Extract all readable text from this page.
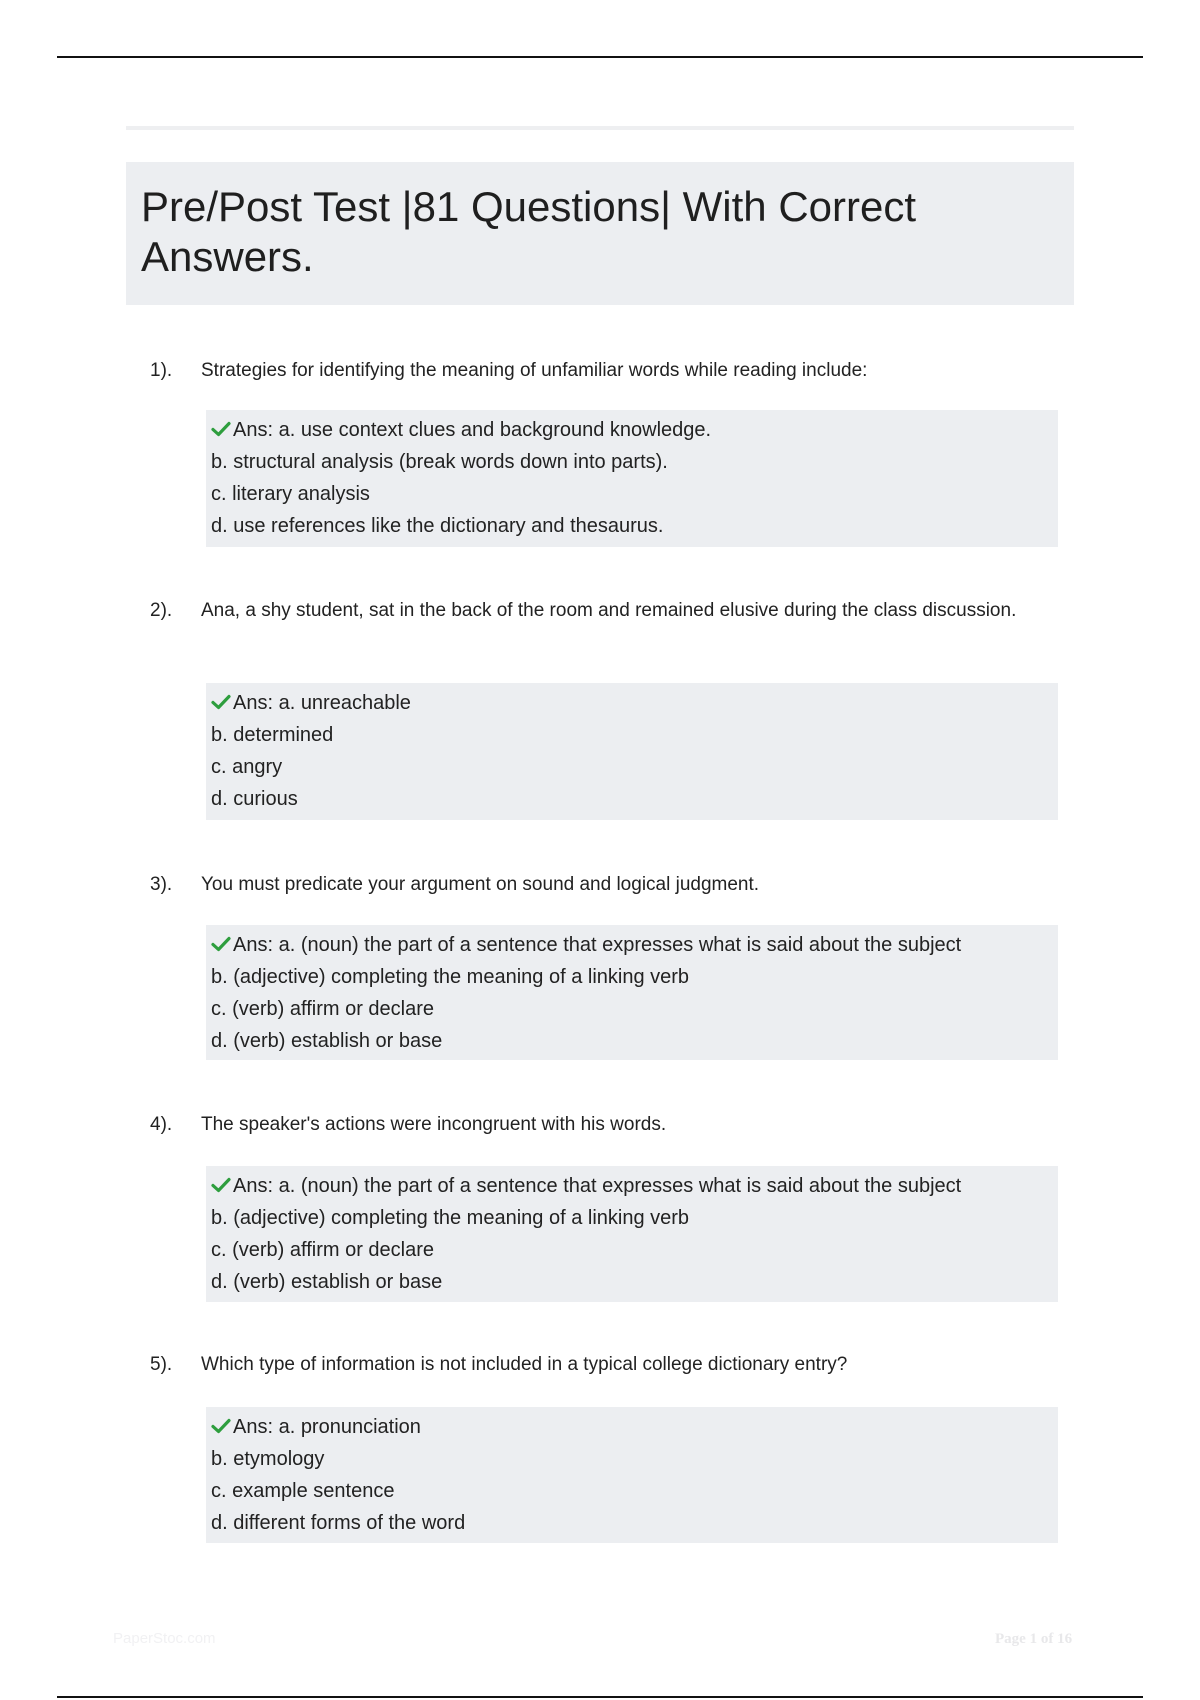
Pre/Post Test |81 Questions| With Correct Answers.
1). Strategies for identifying the meaning of unfamiliar words while reading include:
Ans: a. use context clues and background knowledge.
b. structural analysis (break words down into parts).
c. literary analysis
d. use references like the dictionary and thesaurus.
2). Ana, a shy student, sat in the back of the room and remained elusive during the class discussion.
Ans: a. unreachable
b. determined
c. angry
d. curious
3). You must predicate your argument on sound and logical judgment.
Ans: a. (noun) the part of a sentence that expresses what is said about the subject
b. (adjective) completing the meaning of a linking verb
c. (verb) affirm or declare
d. (verb) establish or base
4). The speaker's actions were incongruent with his words.
Ans: a. (noun) the part of a sentence that expresses what is said about the subject
b. (adjective) completing the meaning of a linking verb
c. (verb) affirm or declare
d. (verb) establish or base
5). Which type of information is not included in a typical college dictionary entry?
Ans: a. pronunciation
b. etymology
c. example sentence
d. different forms of the word
PaperStoc.com	Page 1 of 16
